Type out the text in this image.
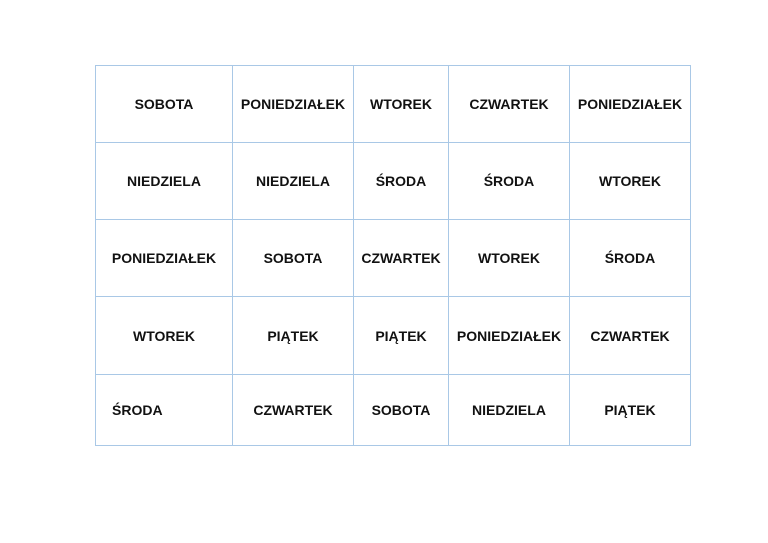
SOBOTA	PONIEDZIAŁEK	WTOREK	CZWARTEK	PONIEDZIAŁEK
NIEDZIELA	NIEDZIELA	ŚRODA	ŚRODA	WTOREK
PONIEDZIAŁEK	SOBOTA	CZWARTEK	WTOREK	ŚRODA
WTOREK	PIĄTEK	PIĄTEK	PONIEDZIAŁEK	CZWARTEK
ŚRODA	CZWARTEK	SOBOTA	NIEDZIELA	PIĄTEK
